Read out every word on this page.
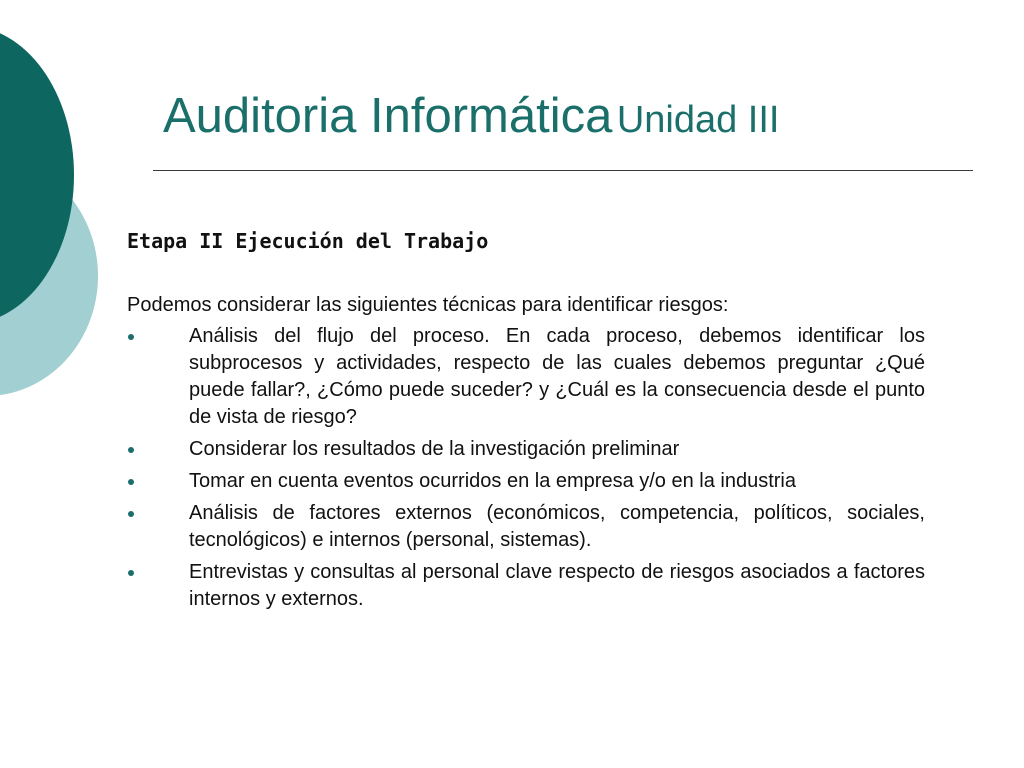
Auditoria Informática Unidad III
Etapa II Ejecución del Trabajo
Podemos considerar las siguientes técnicas para identificar riesgos:
Análisis del flujo del proceso. En cada proceso, debemos identificar los subprocesos y actividades, respecto de las cuales debemos preguntar ¿Qué puede fallar?, ¿Cómo puede suceder? y ¿Cuál es la consecuencia desde el punto de vista de riesgo?
Considerar los resultados de la investigación preliminar
Tomar en cuenta eventos ocurridos en la empresa y/o en la industria
Análisis de factores externos (económicos, competencia, políticos, sociales, tecnológicos) e internos (personal, sistemas).
Entrevistas y consultas al personal clave respecto de riesgos asociados a factores internos y externos.
